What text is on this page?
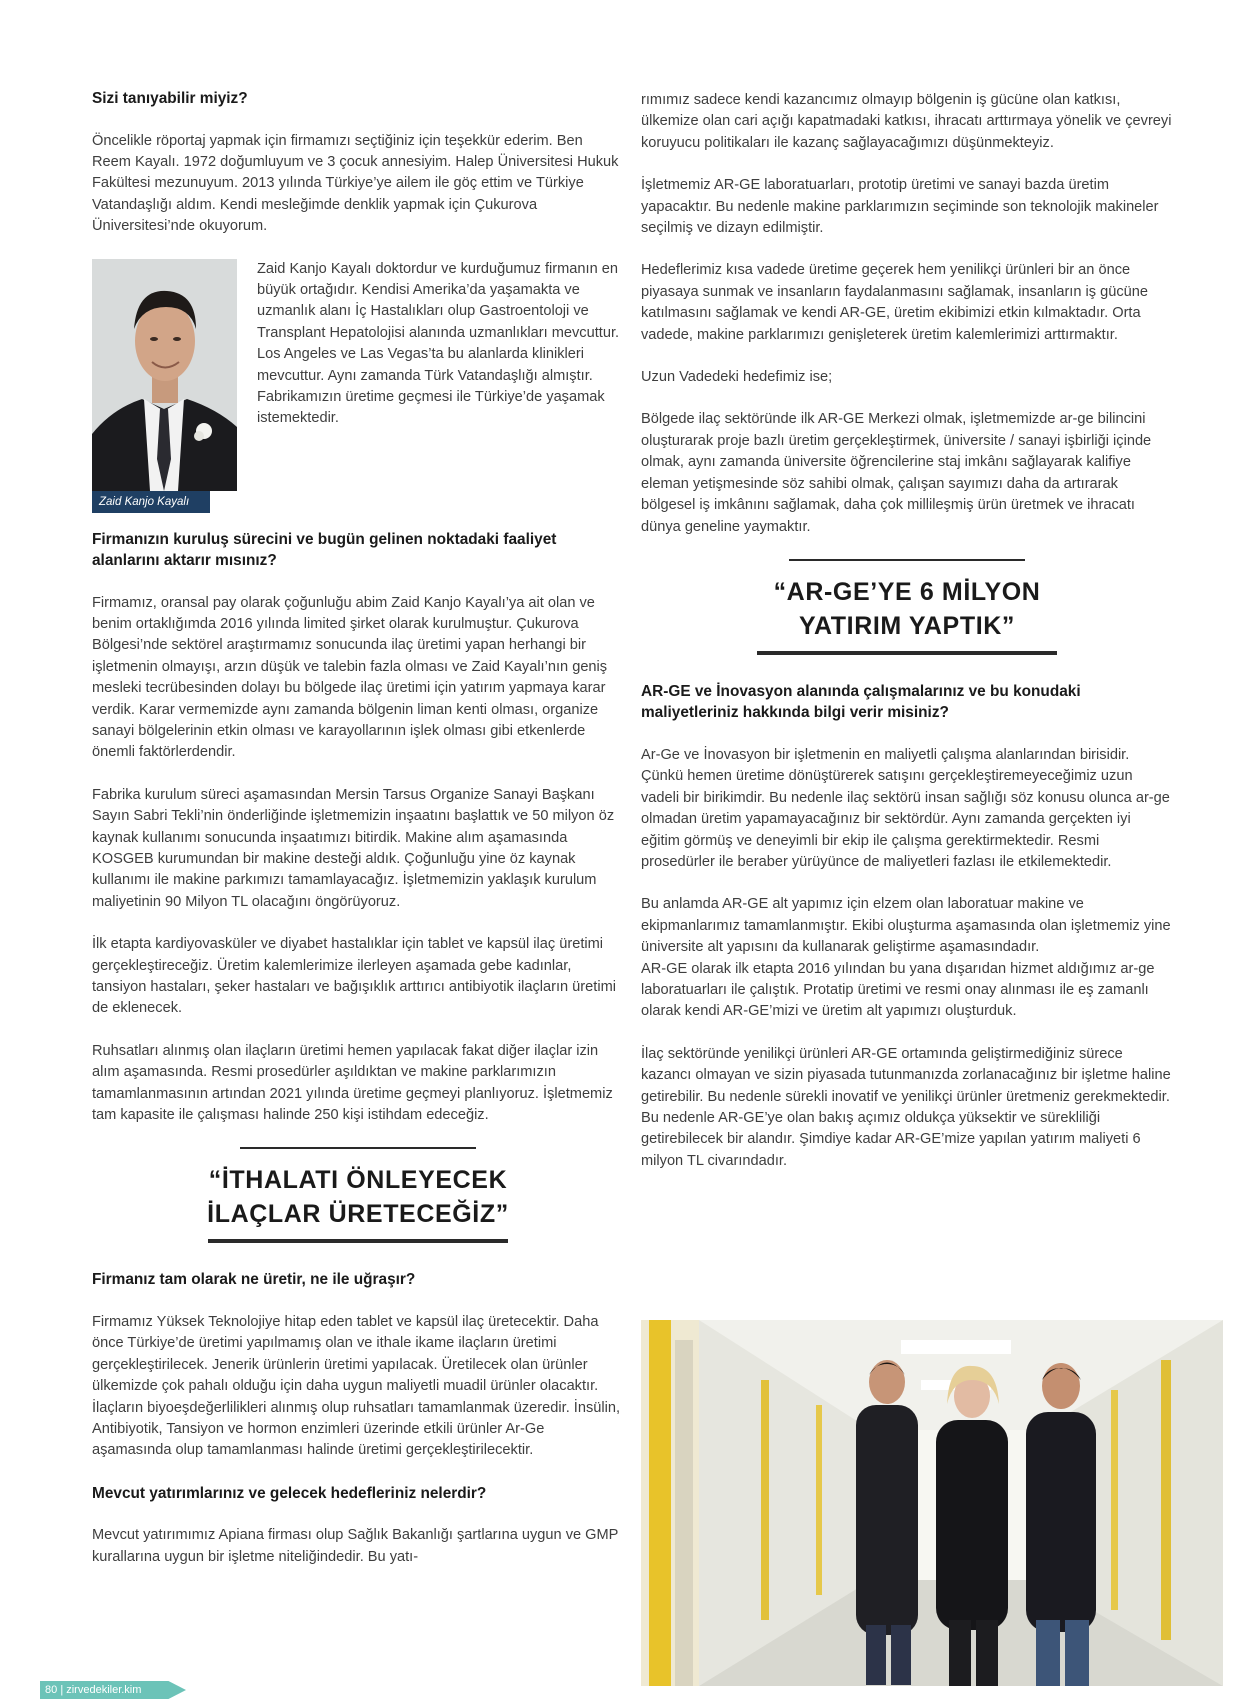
Sizi tanıyabilir miyiz?

Öncelikle röportaj yapmak için firmamızı seçtiğiniz için teşekkür ederim. Ben Reem Kayalı. 1972 doğumluyum ve 3 çocuk annesiyim. Halep Üniversitesi Hukuk Fakültesi mezunuyum. 2013 yılında Türkiye’ye ailem ile göç ettim ve Türkiye Vatandaşlığı aldım. Kendi mesleğimde denklik yapmak için Çukurova Üniversitesi’nde okuyorum.

Zaid Kanjo Kayalı

Zaid Kanjo Kayalı doktordur ve kurduğumuz firmanın en büyük ortağıdır. Kendisi Amerika’da yaşamakta ve uzmanlık alanı İç Hastalıkları olup Gastroentoloji ve Transplant Hepatolojisi alanında uzmanlıkları mevcuttur. Los Angeles ve Las Vegas’ta bu alanlarda klinikleri mevcuttur. Aynı zamanda Türk Vatandaşlığı almıştır. Fabrikamızın üretime geçmesi ile Türkiye’de yaşamak istemektedir.

Firmanızın kuruluş sürecini ve bugün gelinen noktadaki faaliyet alanlarını aktarır mısınız?

Firmamız, oransal pay olarak çoğunluğu abim Zaid Kanjo Kayalı’ya ait olan ve benim ortaklığımda 2016 yılında limited şirket olarak kurulmuştur. Çukurova Bölgesi’nde sektörel araştırmamız sonucunda ilaç üretimi yapan herhangi bir işletmenin olmayışı, arzın düşük ve talebin fazla olması ve Zaid Kayalı’nın geniş mesleki tecrübesinden dolayı bu bölgede ilaç üretimi için yatırım yapmaya karar verdik. Karar vermemizde aynı zamanda bölgenin liman kenti olması, organize sanayi bölgelerinin etkin olması ve karayollarının işlek olması gibi etkenlerde önemli faktörlerdendir.

Fabrika kurulum süreci aşamasından Mersin Tarsus Organize Sanayi Başkanı Sayın Sabri Tekli’nin önderliğinde işletmemizin inşaatını başlattık ve 50 milyon öz kaynak kullanımı sonucunda inşaatımızı bitirdik. Makine alım aşamasında KOSGEB kurumundan bir makine desteği aldık. Çoğunluğu yine öz kaynak kullanımı ile makine parkımızı tamamlayacağız. İşletmemizin yaklaşık kurulum maliyetinin 90 Milyon TL olacağını öngörüyoruz.

İlk etapta kardiyovasküler ve diyabet hastalıklar için tablet ve kapsül ilaç üretimi gerçekleştireceğiz. Üretim kalemlerimize ilerleyen aşamada gebe kadınlar, tansiyon hastaları, şeker hastaları ve bağışıklık arttırıcı antibiyotik ilaçların üretimi de eklenecek.

Ruhsatları alınmış olan ilaçların üretimi hemen yapılacak fakat diğer ilaçlar izin alım aşamasında. Resmi prosedürler aşıldıktan ve makine parklarımızın tamamlanmasının artından 2021 yılında üretime geçmeyi planlıyoruz. İşletmemiz tam kapasite ile çalışması halinde 250 kişi istihdam edeceğiz.

“İTHALATI ÖNLEYECEK
İLAÇLAR ÜRETECEĞİZ”
Firmanız tam olarak ne üretir, ne ile uğraşır?

Firmamız Yüksek Teknolojiye hitap eden tablet ve kapsül ilaç üretecektir. Daha önce Türkiye’de üretimi yapılmamış olan ve ithale ikame ilaçların üretimi gerçekleştirilecek. Jenerik ürünlerin üretimi yapılacak. Üretilecek olan ürünler ülkemizde çok pahalı olduğu için daha uygun maliyetli muadil ürünler olacaktır. İlaçların biyoeşdeğerlilikleri alınmış olup ruhsatları tamamlanmak üzeredir. İnsülin, Antibiyotik, Tansiyon ve hormon enzimleri üzerinde etkili ürünler Ar-Ge aşamasında olup tamamlanması halinde üretimi gerçekleştirilecektir.

Mevcut yatırımlarınız ve gelecek hedefleriniz nelerdir?

Mevcut yatırımımız Apiana firması olup Sağlık Bakanlığı şartlarına uygun ve GMP kurallarına uygun bir işletme niteliğindedir. Bu yatı-

rımımız sadece kendi kazancımız olmayıp bölgenin iş gücüne olan katkısı, ülkemize olan cari açığı kapatmadaki katkısı, ihracatı arttırmaya yönelik ve çevreyi koruyucu politikaları ile kazanç sağlayacağımızı düşünmekteyiz.

İşletmemiz AR-GE laboratuarları, prototip üretimi ve sanayi bazda üretim yapacaktır. Bu nedenle makine parklarımızın seçiminde son teknolojik makineler seçilmiş ve dizayn edilmiştir.

Hedeflerimiz kısa vadede üretime geçerek hem yenilikçi ürünleri bir an önce piyasaya sunmak ve insanların faydalanmasını sağlamak, insanların iş gücüne katılmasını sağlamak ve kendi AR-GE, üretim ekibimizi etkin kılmaktadır. Orta vadede, makine parklarımızı genişleterek üretim kalemlerimizi arttırmaktır.

Uzun Vadedeki hedefimiz ise;

Bölgede ilaç sektöründe ilk AR-GE Merkezi olmak, işletmemizde ar-ge bilincini oluşturarak proje bazlı üretim gerçekleştirmek, üniversite / sanayi işbirliği içinde olmak, aynı zamanda üniversite öğrencilerine staj imkânı sağlayarak kalifiye eleman yetişmesinde söz sahibi olmak, çalışan sayımızı daha da artırarak bölgesel iş imkânını sağlamak, daha çok millileşmiş ürün üretmek ve ihracatı dünya geneline yaymaktır.

“AR-GE’YE 6 MİLYON
YATIRIM YAPTIK”
AR-GE ve İnovasyon alanında çalışmalarınız ve bu konudaki maliyetleriniz hakkında bilgi verir misiniz?

Ar-Ge ve İnovasyon bir işletmenin en maliyetli çalışma alanlarından birisidir. Çünkü hemen üretime dönüştürerek satışını gerçekleştiremeyeceğimiz uzun vadeli bir birikimdir. Bu nedenle ilaç sektörü insan sağlığı söz konusu olunca ar-ge olmadan üretim yapamayacağınız bir sektördür. Aynı zamanda gerçekten iyi eğitim görmüş ve deneyimli bir ekip ile çalışma gerektirmektedir. Resmi prosedürler ile beraber yürüyünce de maliyetleri fazlası ile etkilemektedir.

Bu anlamda AR-GE alt yapımız için elzem olan laboratuar makine ve ekipmanlarımız tamamlanmıştır. Ekibi oluşturma aşamasında olan işletmemiz yine üniversite alt yapısını da kullanarak geliştirme aşamasındadır.

AR-GE olarak ilk etapta 2016 yılından bu yana dışarıdan hizmet aldığımız ar-ge laboratuarları ile çalıştık. Protatip üretimi ve resmi onay alınması ile eş zamanlı olarak kendi AR-GE’mizi ve üretim alt yapımızı oluşturduk.

İlaç sektöründe yenilikçi ürünleri AR-GE ortamında geliştirmediğiniz sürece kazancı olmayan ve sizin piyasada tutunmanızda zorlanacağınız bir işletme haline getirebilir. Bu nedenle sürekli inovatif ve yenilikçi ürünler üretmeniz gerekmektedir. Bu nedenle AR-GE’ye olan bakış açımız oldukça yüksektir ve sürekliliği getirebilecek bir alandır. Şimdiye kadar AR-GE’mize yapılan yatırım maliyeti 6 milyon TL civarındadır.

80 | zirvedekiler.kim
